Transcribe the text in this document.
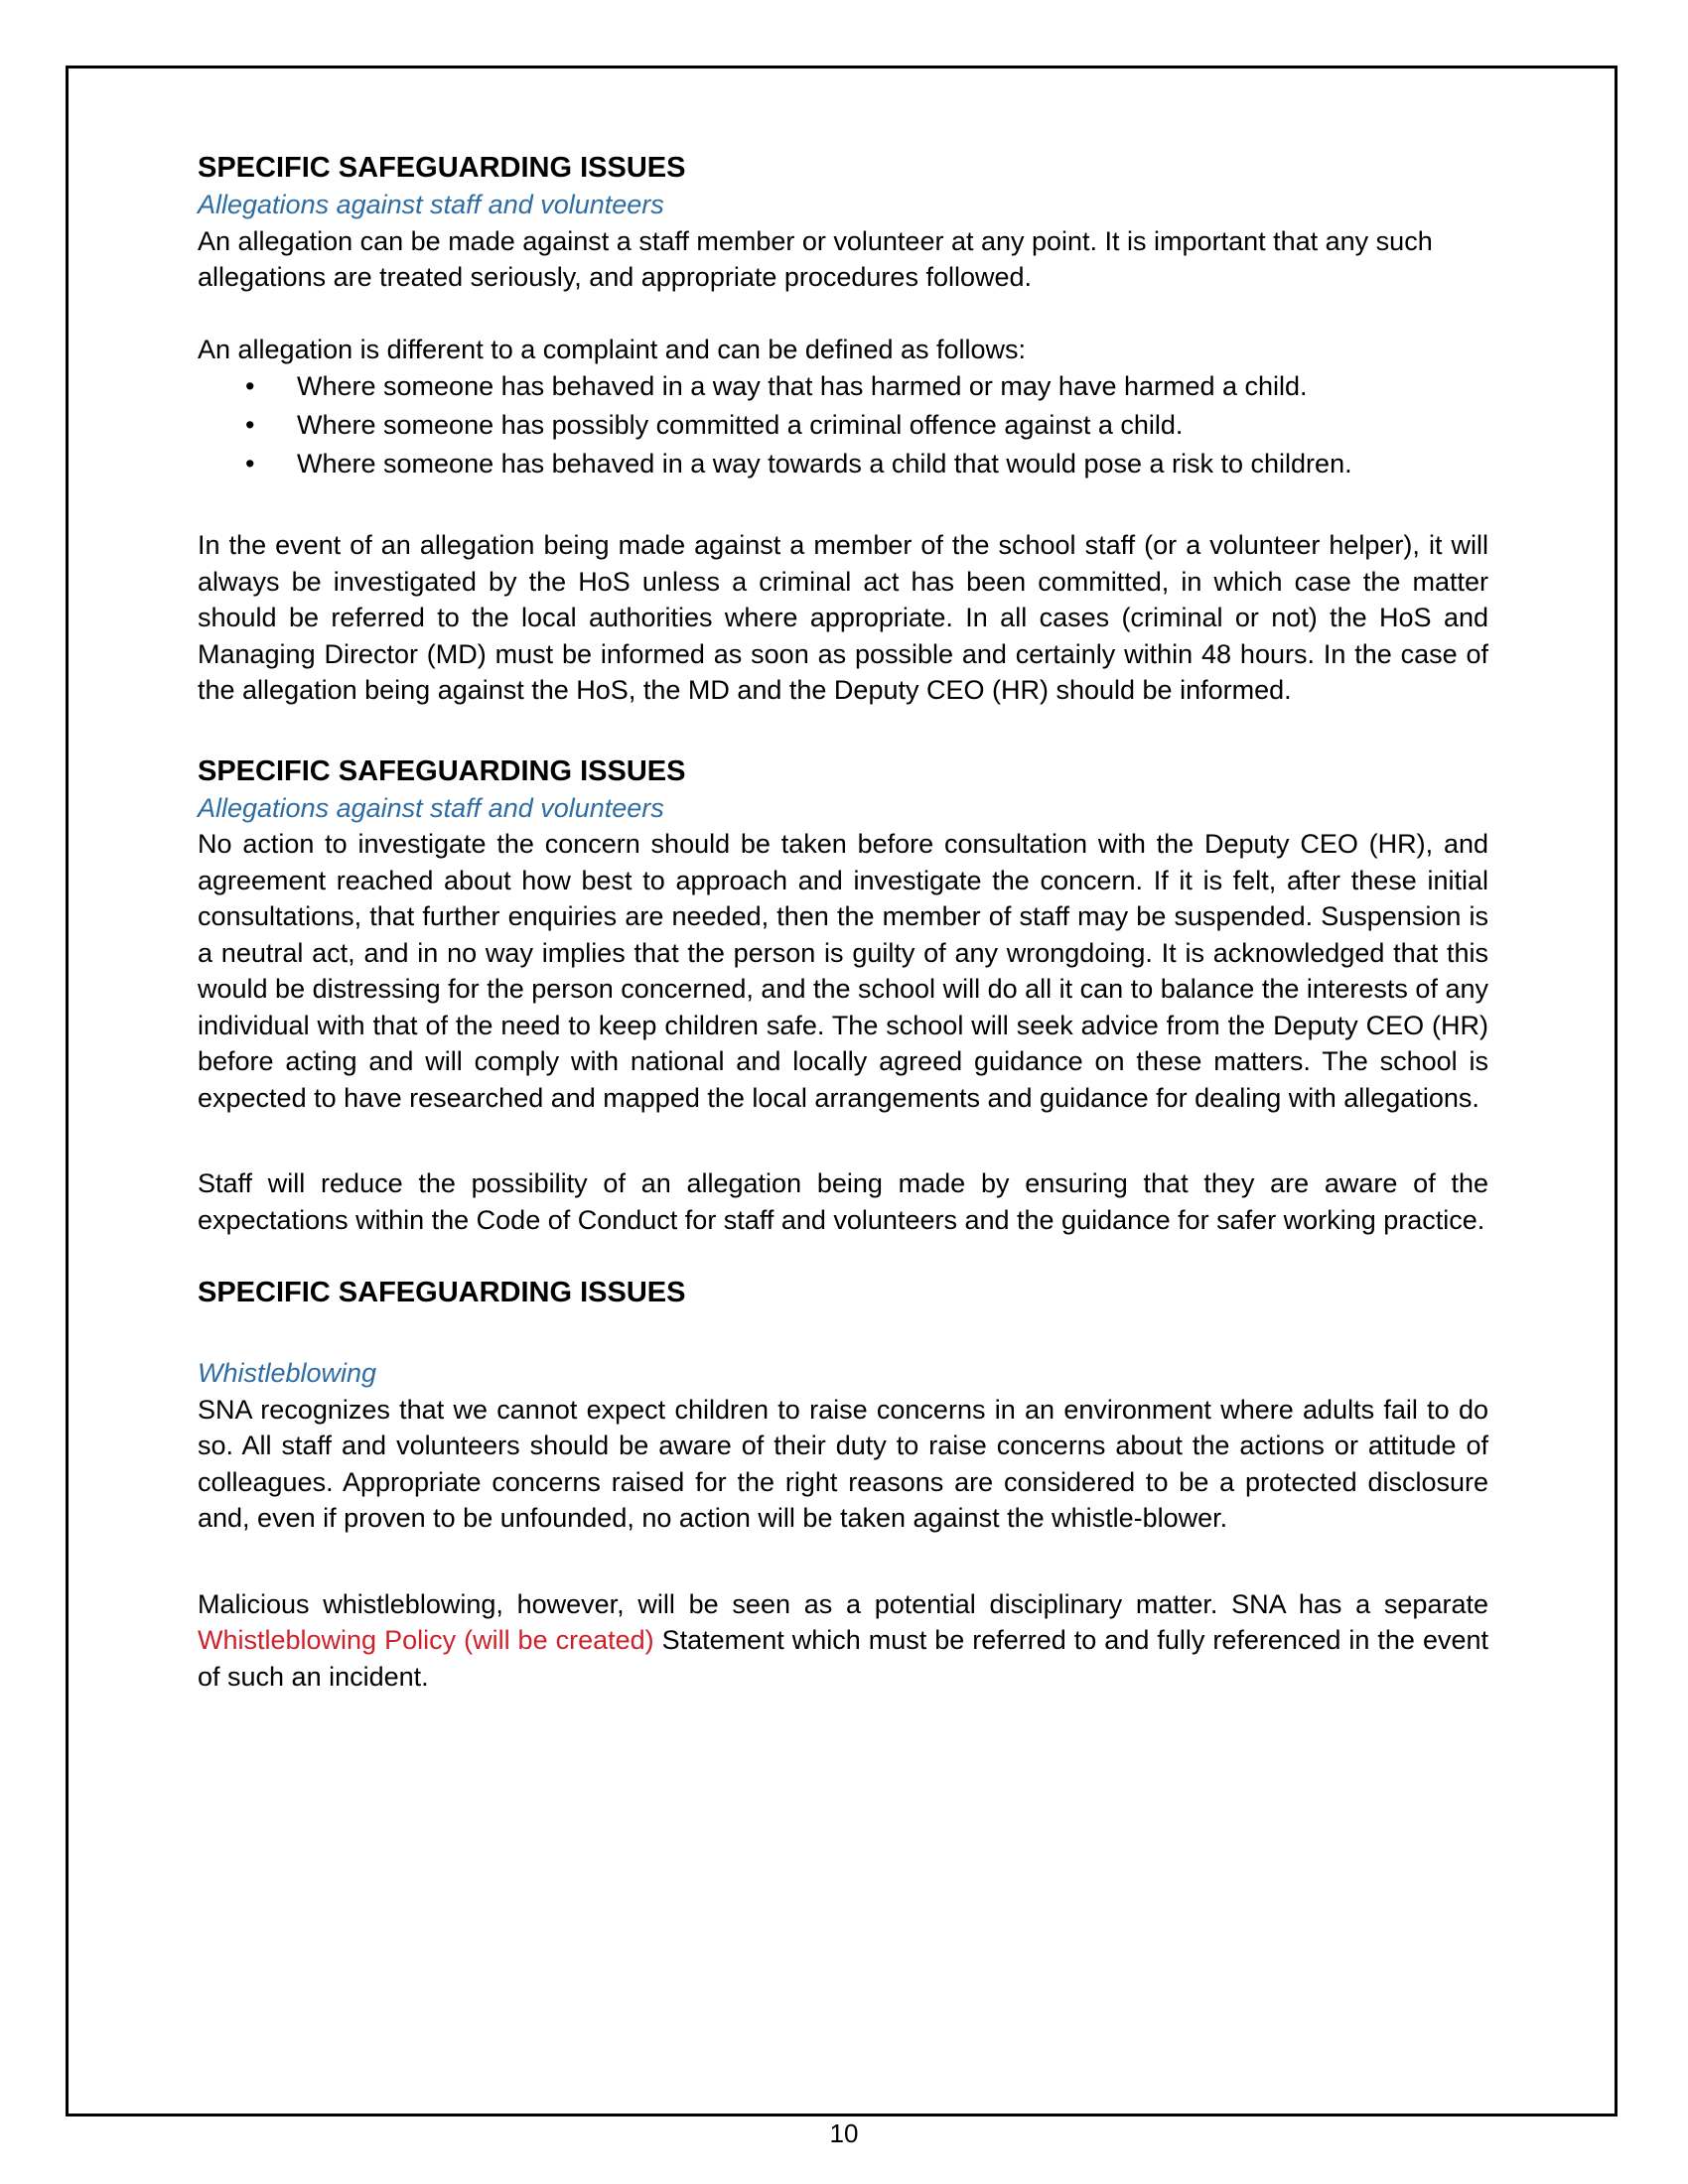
SPECIFIC SAFEGUARDING ISSUES

Allegations against staff and volunteers

An allegation can be made against a staff member or volunteer at any point. It is important that any such allegations are treated seriously, and appropriate procedures followed.

An allegation is different to a complaint and can be defined as follows:

• Where someone has behaved in a way that has harmed or may have harmed a child.
• Where someone has possibly committed a criminal offence against a child.
• Where someone has behaved in a way towards a child that would pose a risk to children.

In the event of an allegation being made against a member of the school staff (or a volunteer helper), it will always be investigated by the HoS unless a criminal act has been committed, in which case the matter should be referred to the local authorities where appropriate. In all cases (criminal or not) the HoS and Managing Director (MD) must be informed as soon as possible and certainly within 48 hours. In the case of the allegation being against the HoS, the MD and the Deputy CEO (HR) should be informed.

SPECIFIC SAFEGUARDING ISSUES

Allegations against staff and volunteers

No action to investigate the concern should be taken before consultation with the Deputy CEO (HR), and agreement reached about how best to approach and investigate the concern. If it is felt, after these initial consultations, that further enquiries are needed, then the member of staff may be suspended. Suspension is a neutral act, and in no way implies that the person is guilty of any wrongdoing. It is acknowledged that this would be distressing for the person concerned, and the school will do all it can to balance the interests of any individual with that of the need to keep children safe. The school will seek advice from the Deputy CEO (HR) before acting and will comply with national and locally agreed guidance on these matters. The school is expected to have researched and mapped the local arrangements and guidance for dealing with allegations.

Staff will reduce the possibility of an allegation being made by ensuring that they are aware of the expectations within the Code of Conduct for staff and volunteers and the guidance for safer working practice.

SPECIFIC SAFEGUARDING ISSUES

Whistleblowing

SNA recognizes that we cannot expect children to raise concerns in an environment where adults fail to do so. All staff and volunteers should be aware of their duty to raise concerns about the actions or attitude of colleagues. Appropriate concerns raised for the right reasons are considered to be a protected disclosure and, even if proven to be unfounded, no action will be taken against the whistle-blower.

Malicious whistleblowing, however, will be seen as a potential disciplinary matter. SNA has a separate Whistleblowing Policy (will be created) Statement which must be referred to and fully referenced in the event of such an incident.

10
